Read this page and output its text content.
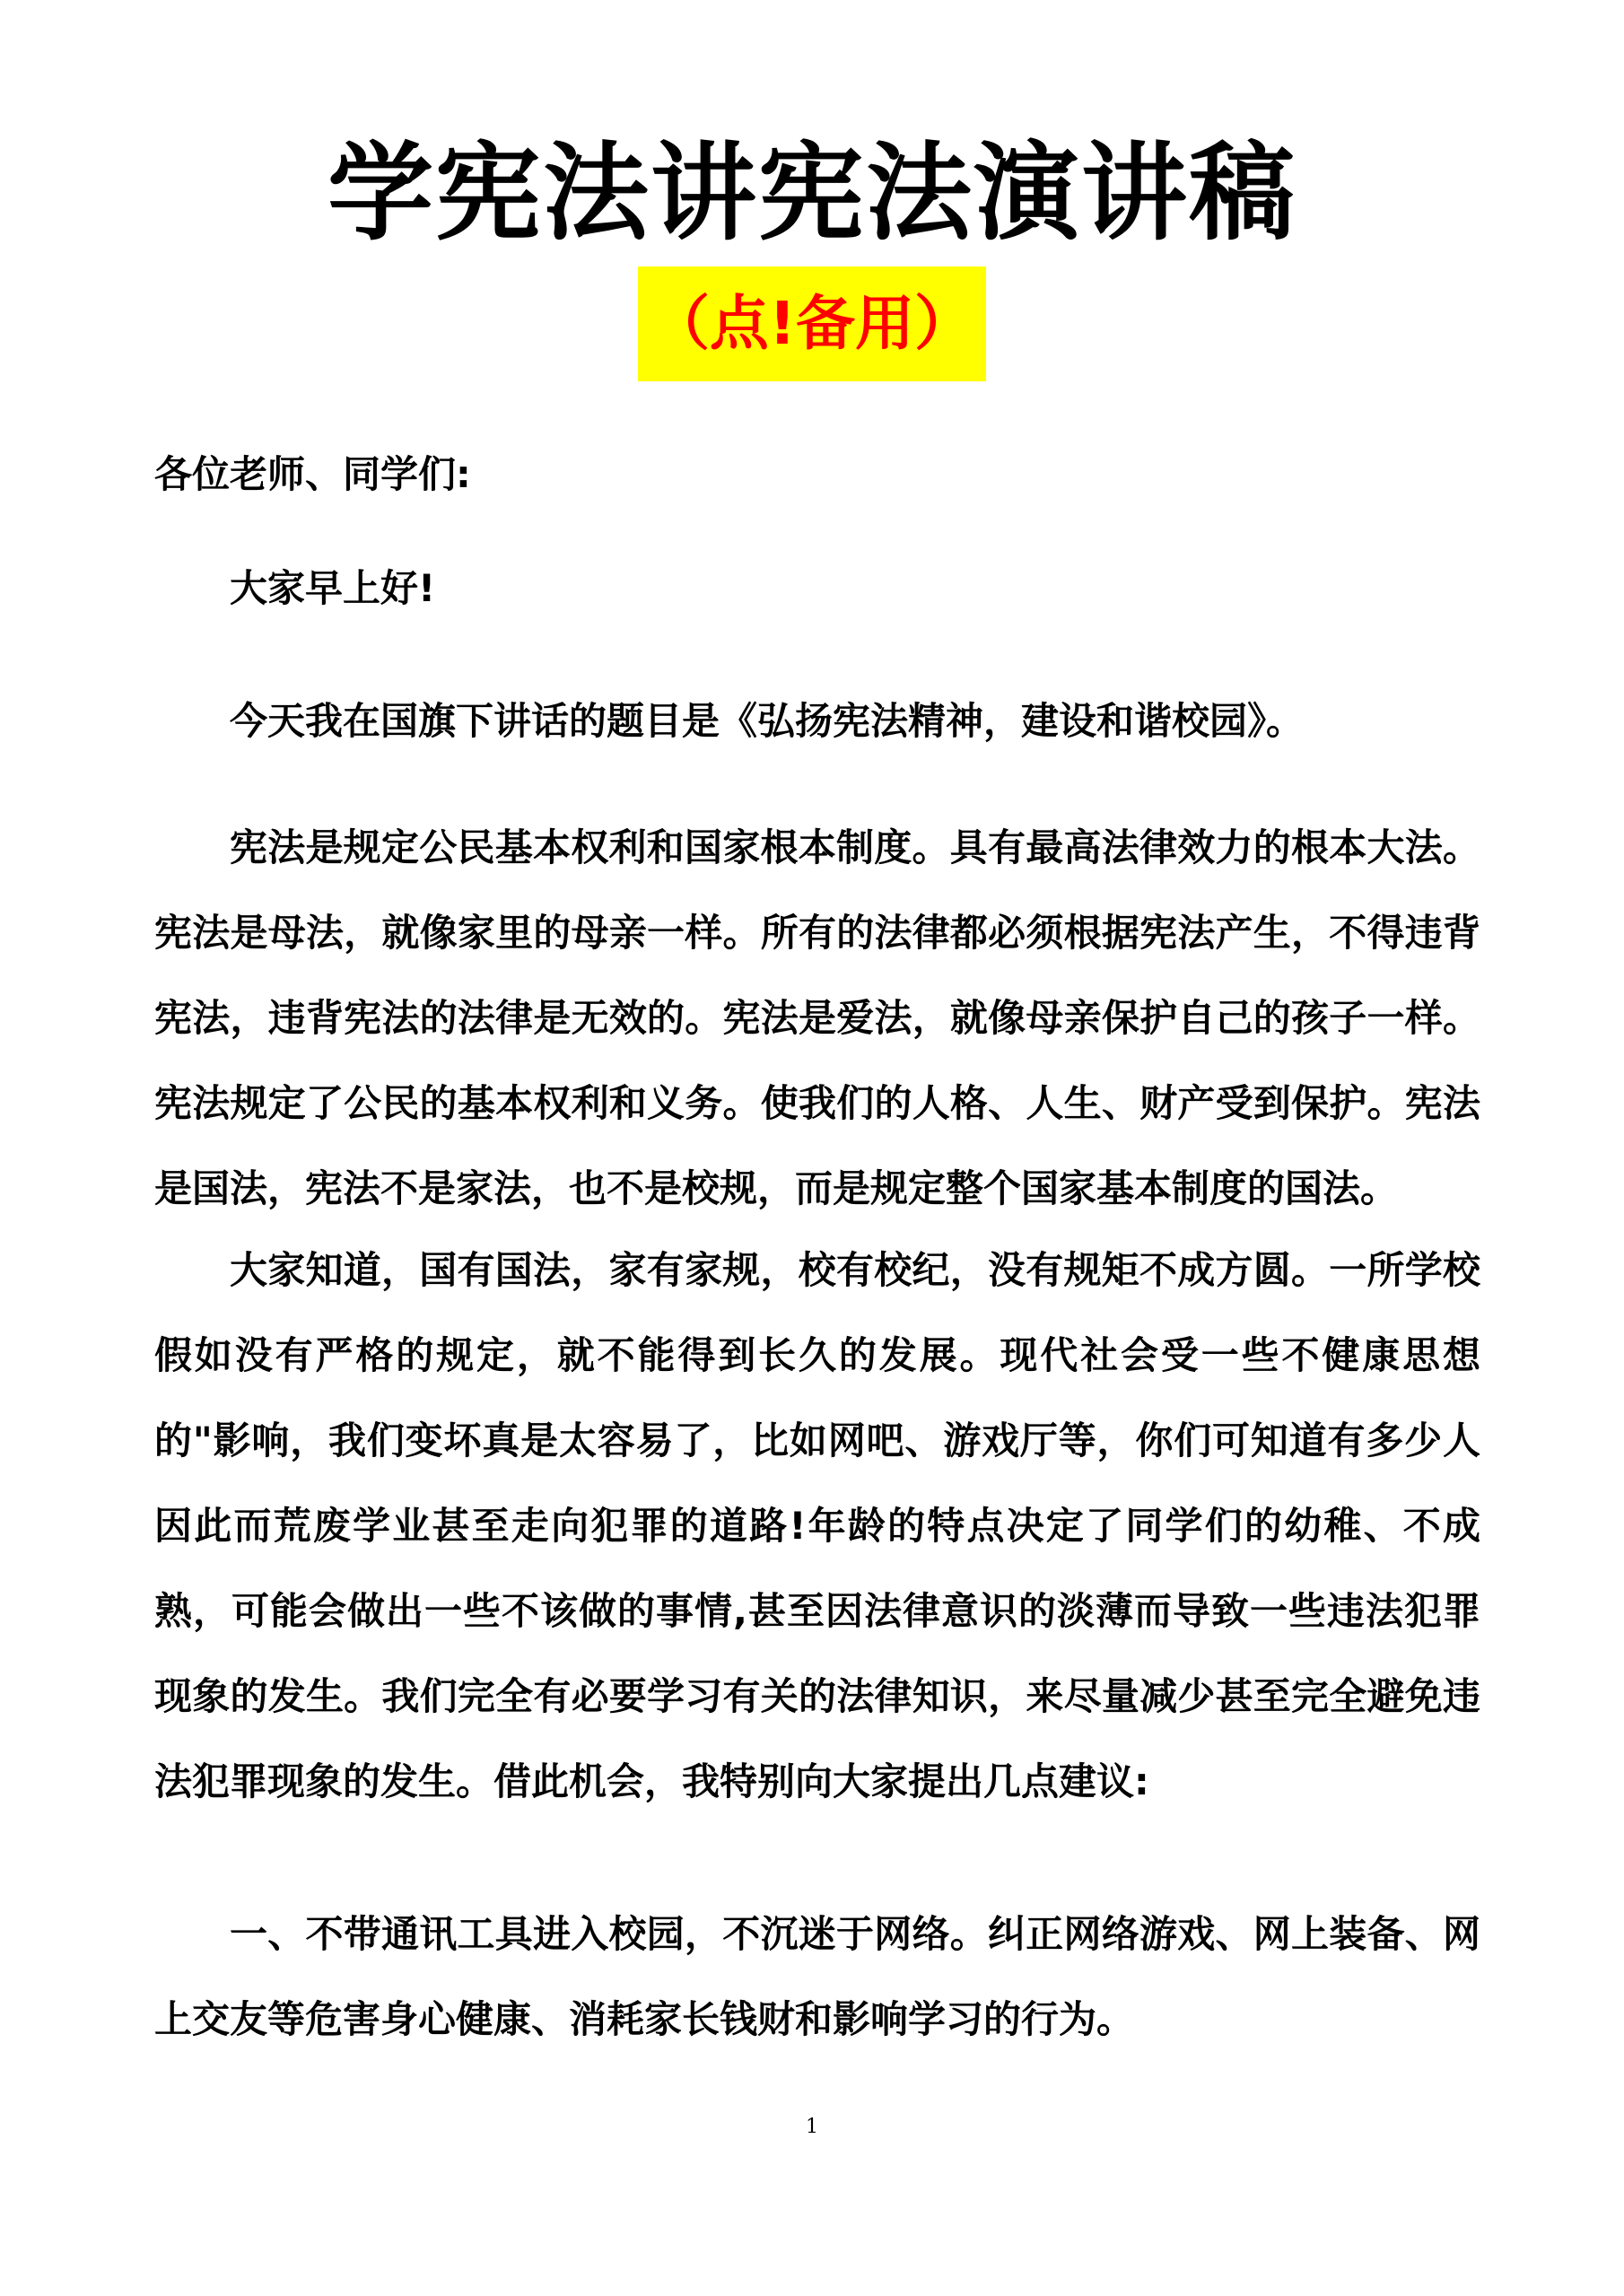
学宪法讲宪法演讲稿
（点!备用）
各位老师、同学们:

大家早上好!

今天我在国旗下讲话的题目是《弘扬宪法精神，建设和谐校园》。

宪法是规定公民基本权利和国家根本制度。具有最高法律效力的根本大法。宪法是母法，就像家里的母亲一样。所有的法律都必须根据宪法产生，不得违背宪法，违背宪法的法律是无效的。宪法是爱法，就像母亲保护自己的孩子一样。宪法规定了公民的基本权利和义务。使我们的人格、人生、财产受到保护。宪法是国法，宪法不是家法，也不是校规，而是规定整个国家基本制度的国法。

大家知道，国有国法，家有家规，校有校纪，没有规矩不成方圆。一所学校假如没有严格的规定，就不能得到长久的发展。现代社会受一些不健康思想的"影响，我们变坏真是太容易了，比如网吧、游戏厅等，你们可知道有多少人因此而荒废学业甚至走向犯罪的道路!年龄的特点决定了同学们的幼稚、不成熟，可能会做出一些不该做的事情,甚至因法律意识的淡薄而导致一些违法犯罪现象的发生。我们完全有必要学习有关的法律知识，来尽量减少甚至完全避免违法犯罪现象的发生。借此机会，我特别向大家提出几点建议:

一、不带通讯工具进入校园，不沉迷于网络。纠正网络游戏、网上装备、网上交友等危害身心健康、消耗家长钱财和影响学习的行为。

1
